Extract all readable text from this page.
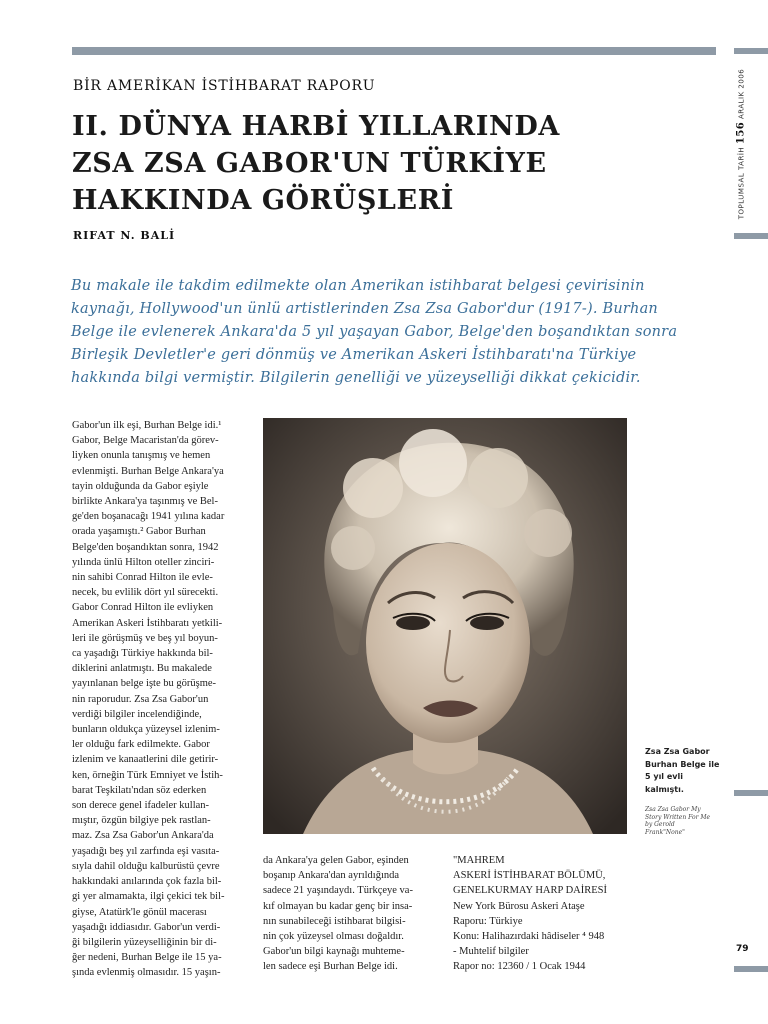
TOPLUMSAL TARİH 156 ARALIK 2006
BİR AMERİKAN İSTİHBARAT RAPORU
II. DÜNYA HARBİ YILLARINDA
ZSA ZSA GABOR'UN TÜRKİYE
HAKKINDA GÖRÜŞLERİ
RIFAT N. BALİ

Bu makale ile takdim edilmekte olan Amerikan istihbarat belgesi çevirisinin
kaynağı, Hollywood'un ünlü artistlerinden Zsa Zsa Gabor'dur (1917-). Burhan
Belge ile evlenerek Ankara'da 5 yıl yaşayan Gabor, Belge'den boşandıktan sonra
Birleşik Devletler'e geri dönmüş ve Amerikan Askeri İstihbaratı'na Türkiye
hakkında bilgi vermiştir. Bilgilerin genelliği ve yüzeyselliği dikkat çekicidir.

Gabor'un ilk eşi, Burhan Belge idi.¹
Gabor, Belge Macaristan'da görev-
liyken onunla tanışmış ve hemen
evlenmişti. Burhan Belge Ankara'ya
tayin olduğunda da Gabor eşiyle
birlikte Ankara'ya taşınmış ve Bel-
ge'den boşanacağı 1941 yılına kadar
orada yaşamıştı.² Gabor Burhan
Belge'den boşandıktan sonra, 1942
yılında ünlü Hilton oteller zinciri-
nin sahibi Conrad Hilton ile evle-
necek, bu evlilik dört yıl sürecekti.
Gabor Conrad Hilton ile evliyken
Amerikan Askeri İstihbaratı yetkili-
leri ile görüşmüş ve beş yıl boyun-
ca yaşadığı Türkiye hakkında bil-
diklerini anlatmıştı. Bu makalede
yayınlanan belge işte bu görüşme-
nin raporudur. Zsa Zsa Gabor'un
verdiği bilgiler incelendiğinde,
bunların oldukça yüzeysel izlenim-
ler olduğu fark edilmekte. Gabor
izlenim ve kanaatlerini dile getirir-
ken, örneğin Türk Emniyet ve İstih-
barat Teşkilatı'ndan söz ederken
son derece genel ifadeler kullan-
mıştır, özgün bilgiye pek rastlan-
maz. Zsa Zsa Gabor'un Ankara'da
yaşadığı beş yıl zarfında eşi vasıta-
sıyla dahil olduğu kalburüstü çevre
hakkındaki anılarında çok fazla bil-
gi yer almamakta, ilgi çekici tek bil-
giyse, Atatürk'le gönül macerası
yaşadığı iddiasıdır. Gabor'un verdi-
ği bilgilerin yüzeyselliğinin bir di-
ğer nedeni, Burhan Belge ile 15 ya-
şında evlenmiş olmasıdır. 15 yaşın-
da Ankara'ya gelen Gabor, eşinden
boşanıp Ankara'dan ayrıldığında
sadece 21 yaşındaydı. Türkçeye va-
kıf olmayan bu kadar genç bir insa-
nın sunabileceği istihbarat bilgisi-
nin çok yüzeysel olması doğaldır.
Gabor'un bilgi kaynağı muhteme-
len sadece eşi Burhan Belge idi.
"MAHREM
ASKERİ İSTİHBARAT BÖLÜMÜ,
GENELKURMAY HARP DAİRESİ
New York Bürosu Askeri Ataşe
Raporu: Türkiye
Konu: Halihazırdaki hâdiseler ⁴ 948
- Muhtelif bilgiler
Rapor no: 12360 / 1 Ocak 1944
Zsa Zsa Gabor
Burhan Belge ile
5 yıl evli
kalmıştı.
Zsa Zsa Gabor My
Story Written For Me
by Gerold
Frank"None"
79
